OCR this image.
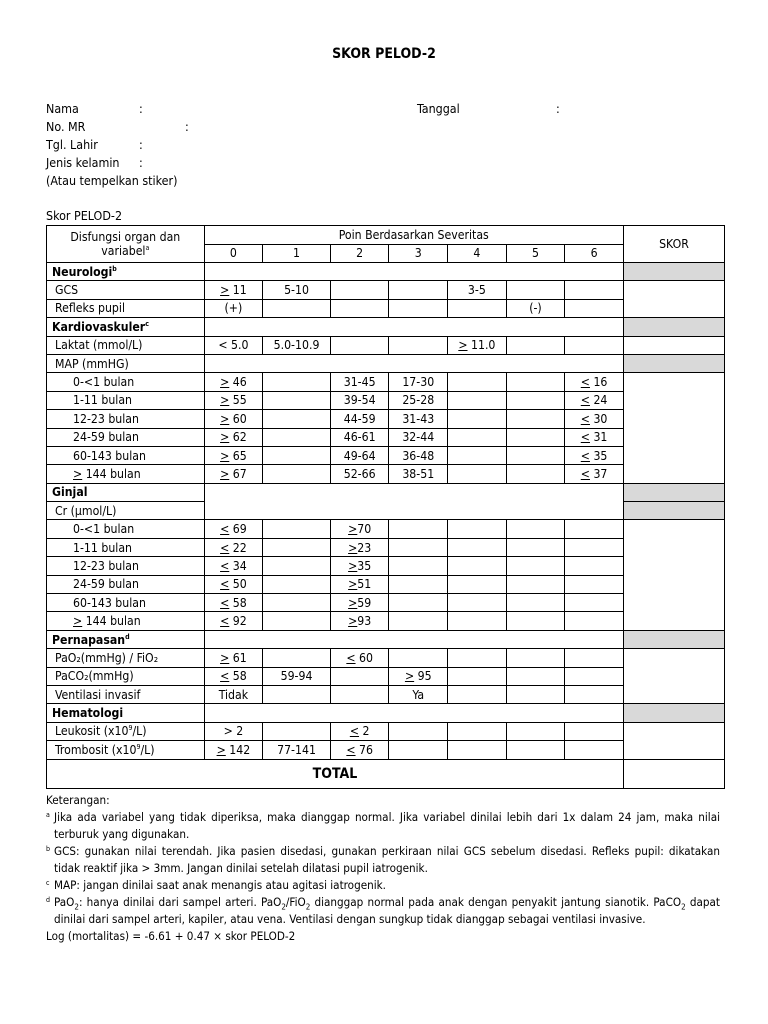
SKOR PELOD-2
Nama	:	Tanggal	:
No. MR	:
Tgl. Lahir	:
Jenis kelamin :
(Atau tempelkan stiker)
Skor PELOD-2
Disfungsi organ dan
variabel$^a$	Poin Berdasarkan Severitas							SKOR
	0	1	2	3	4	5	6	
Neurologi$^b$		
GCS	≥ 11	5-10			3-5			
Refleks pupil	(+)					(-)		
Kardiovaskuler$^c$		
Laktat (mmol/L)	< 5.0	5.0-10.9			≥ 11.0			
MAP (mmHG)								
0-<1 bulan	≥ 46		31-45	17-30			≤ 16	
1-11 bulan	≥ 55		39-54	25-28			≤ 24	
12-23 bulan	≥ 60		44-59	31-43			≤ 30	
24-59 bulan	≥ 62		46-61	32-44			≤ 31	
60-143 bulan	≥ 65		49-64	36-48			≤ 35	
≥ 144 bulan	≥ 67		52-66	38-51			≤ 37	
Ginjal								
Cr (µmol/L)								
0-<1 bulan	≤ 69		≥70					
1-11 bulan	≤ 22		≥23					
12-23 bulan	≤ 34		≥35					
24-59 bulan	≤ 50		≥51					
60-143 bulan	≤ 58		≥59					
≥ 144 bulan	≤ 92		≥93					
Pernapasan$^d$		
PaO₂(mmHg) / FiO₂	≥ 61		≤ 60					
PaCO₂(mmHg)	≤ 58	59-94		≥ 95				
Ventilasi invasif	Tidak			Ya				
Hematologi								
Leukosit $(x10^9/L)$	> 2		≤ 2					
Trombosit $(x10^9/L)$	≥ 142	77-141	≤ 76					
TOTAL								
Keterangan:
a Jika ada variabel yang tidak diperiksa, maka dianggap normal. Jika variabel dinilai lebih dari 1x dalam 24 jam, maka nilai terburuk yang digunakan.
b GCS: gunakan nilai terendah. Jika pasien disedasi, gunakan perkiraan nilai GCS sebelum disedasi. Refleks pupil: dikatakan tidak reaktif jika > 3mm. Jangan dinilai setelah dilatasi pupil iatrogenik.
c MAP: jangan dinilai saat anak menangis atau agitasi iatrogenik.
d PaO$_2$: hanya dinilai dari sampel arteri. PaO$_2$/FiO$_2$ dianggap normal pada anak dengan penyakit jantung sianotik. PaCO$_2$ dapat dinilai dari sampel arteri, kapiler, atau vena. Ventilasi dengan sungkup tidak dianggap sebagai ventilasi invasive.
Log (mortalitas) = -6.61 + 0.47 × skor PELOD-2
